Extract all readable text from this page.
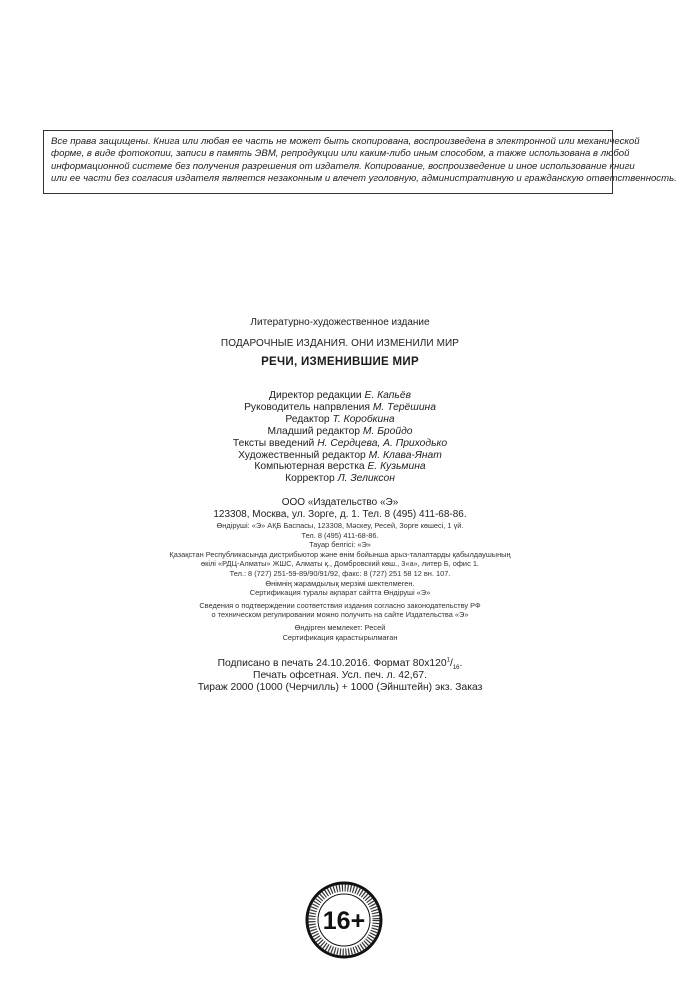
Все права защищены. Книга или любая ее часть не может быть скопирована, воспроизведена в электронной или механической
форме, в виде фотокопии, записи в память ЭВМ, репродукции или каким-либо иным способом, а также использована в любой
информационной системе без получения разрешения от издателя. Копирование, воспроизведение и иное использование книги
или ее части без согласия издателя является незаконным и влечет уголовную, административную и гражданскую ответственность.
Литературно-художественное издание
ПОДАРОЧНЫЕ ИЗДАНИЯ. ОНИ ИЗМЕНИЛИ МИР
РЕЧИ, ИЗМЕНИВШИЕ МИР
Директор редакции Е. Капьёв
Руководитель напрвления М. Терёшина
Редактор Т. Коробкина
Младший редактор М. Бройдо
Тексты введений Н. Сердцева, А. Приходько
Художественный редактор М. Клава-Янат
Компьютерная верстка Е. Кузьмина
Корректор Л. Зеликсон
ООО «Издательство «Э»
123308, Москва, ул. Зорге, д. 1. Тел. 8 (495) 411-68-86.
Өндіруші: «Э» АҚБ Баспасы, 123308, Мәскеу, Ресей, Зорге көшесі, 1 үй.
Тел. 8 (495) 411-68-86.
Тауар белгісі: «Э»
Қазақстан Республикасында дистрибьютор және өнім бойынша арыз-талаптарды қабылдаушының
өкілі «РДЦ-Алматы» ЖШС, Алматы қ., Домбровский көш., 3«а», литер Б, офис 1.
Тел.: 8 (727) 251-59-89/90/91/92, факс: 8 (727) 251 58 12 вн. 107.
Өнімнің жарамдылық мерзімі шектелмеген.
Сертификация туралы ақпарат сайтта Өндіруші «Э»
Сведения о подтверждении соответствия издания согласно законодательству РФ
о техническом регулировании можно получить на сайте Издательства «Э»
Өндірген мемлекет: Ресей
Сертификация қарастырылмаған
Подписано в печать 24.10.2016. Формат $80x120^1/_{16}$.
Печать офсетная. Усл. печ. л. 42,67.
Тираж 2000 (1000 (Черчилль) + 1000 (Эйнштейн) экз. Заказ
16+
